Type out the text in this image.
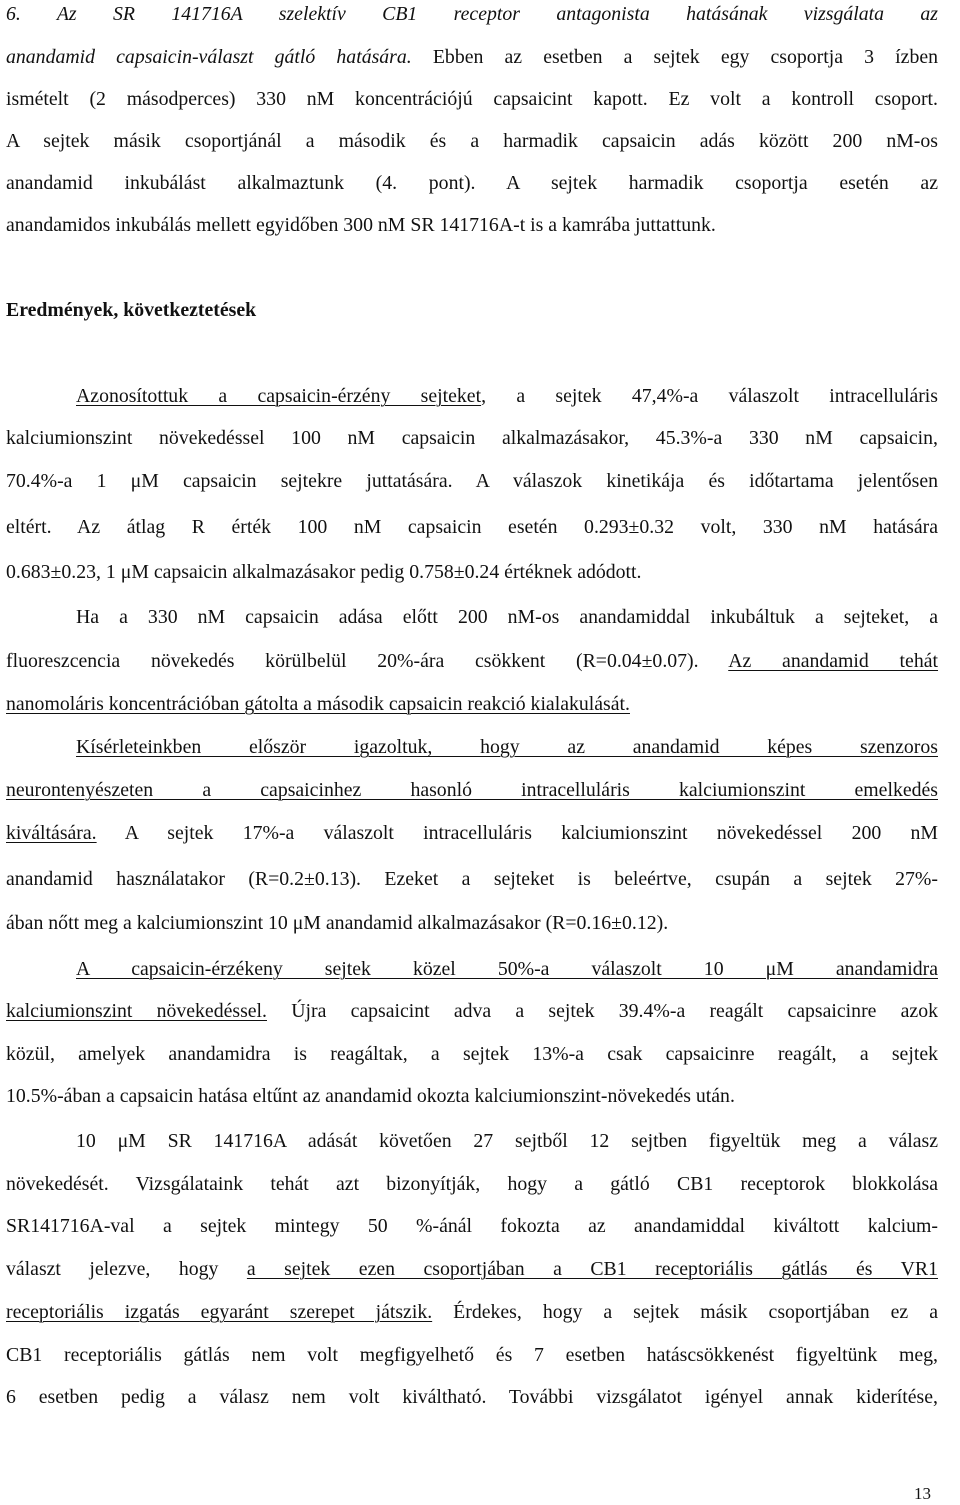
6. Az SR 141716A szelektív CB1 receptor antagonista hatásának vizsgálata az
anandamid capsaicin-választ gátló hatására. Ebben az esetben a sejtek egy csoportja 3 ízben
ismételt (2 másodperces) 330 nM koncentrációjú capsaicint kapott. Ez volt a kontroll csoport.
A sejtek másik csoportjánál a második és a harmadik capsaicin adás között 200 nM-os
anandamid inkubálást alkalmaztunk (4. pont). A sejtek harmadik csoportja esetén az
anandamidos inkubálás mellett egyidőben 300 nM SR 141716A-t is a kamrába juttattunk.
Eredmények, következtetések
Azonosítottuk a capsaicin-érzény sejteket, a sejtek 47,4%-a válaszolt intracelluláris
kalciumionszint növekedéssel 100 nM capsaicin alkalmazásakor, 45.3%-a 330 nM capsaicin,
70.4%-a 1 μM capsaicin sejtekre juttatására. A válaszok kinetikája és időtartama jelentősen
eltért. Az átlag R érték 100 nM capsaicin esetén 0.293±0.32 volt, 330 nM hatására
0.683±0.23, 1 μM capsaicin alkalmazásakor pedig 0.758±0.24 értéknek adódott.
Ha a 330 nM capsaicin adása előtt 200 nM-os anandamiddal inkubáltuk a sejteket, a
fluoreszcencia növekedés körülbelül 20%-ára csökkent (R=0.04±0.07). Az anandamid tehát
nanomoláris koncentrációban gátolta a második capsaicin reakció kialakulását.
Kísérleteinkben először igazoltuk, hogy az anandamid képes szenzoros
neurontenyészeten a capsaicinhez hasonló intracelluláris kalciumionszint emelkedés
kiváltására. A sejtek 17%-a válaszolt intracelluláris kalciumionszint növekedéssel 200 nM
anandamid használatakor (R=0.2±0.13). Ezeket a sejteket is beleértve, csupán a sejtek 27%-
ában nőtt meg a kalciumionszint 10 μM anandamid alkalmazásakor (R=0.16±0.12).
A capsaicin-érzékeny sejtek közel 50%-a válaszolt 10 μM anandamidra
kalciumionszint növekedéssel. Újra capsaicint adva a sejtek 39.4%-a reagált capsaicinre azok
közül, amelyek anandamidra is reagáltak, a sejtek 13%-a csak capsaicinre reagált, a sejtek
10.5%-ában a capsaicin hatása eltűnt az anandamid okozta kalciumionszint-növekedés után.
10 μM SR 141716A adását követően 27 sejtből 12 sejtben figyeltük meg a válasz
növekedését. Vizsgálataink tehát azt bizonyítják, hogy a gátló CB1 receptorok blokkolása
SR141716A-val a sejtek mintegy 50 %-ánál fokozta az anandamiddal kiváltott kalcium-
választ jelezve, hogy a sejtek ezen csoportjában a CB1 receptoriális gátlás és VR1
receptoriális izgatás egyaránt szerepet játszik. Érdekes, hogy a sejtek másik csoportjában ez a
CB1 receptoriális gátlás nem volt megfigyelhető és 7 esetben hatáscsökkenést figyeltünk meg,
6 esetben pedig a válasz nem volt kiváltható. További vizsgálatot igényel annak kiderítése,
13
